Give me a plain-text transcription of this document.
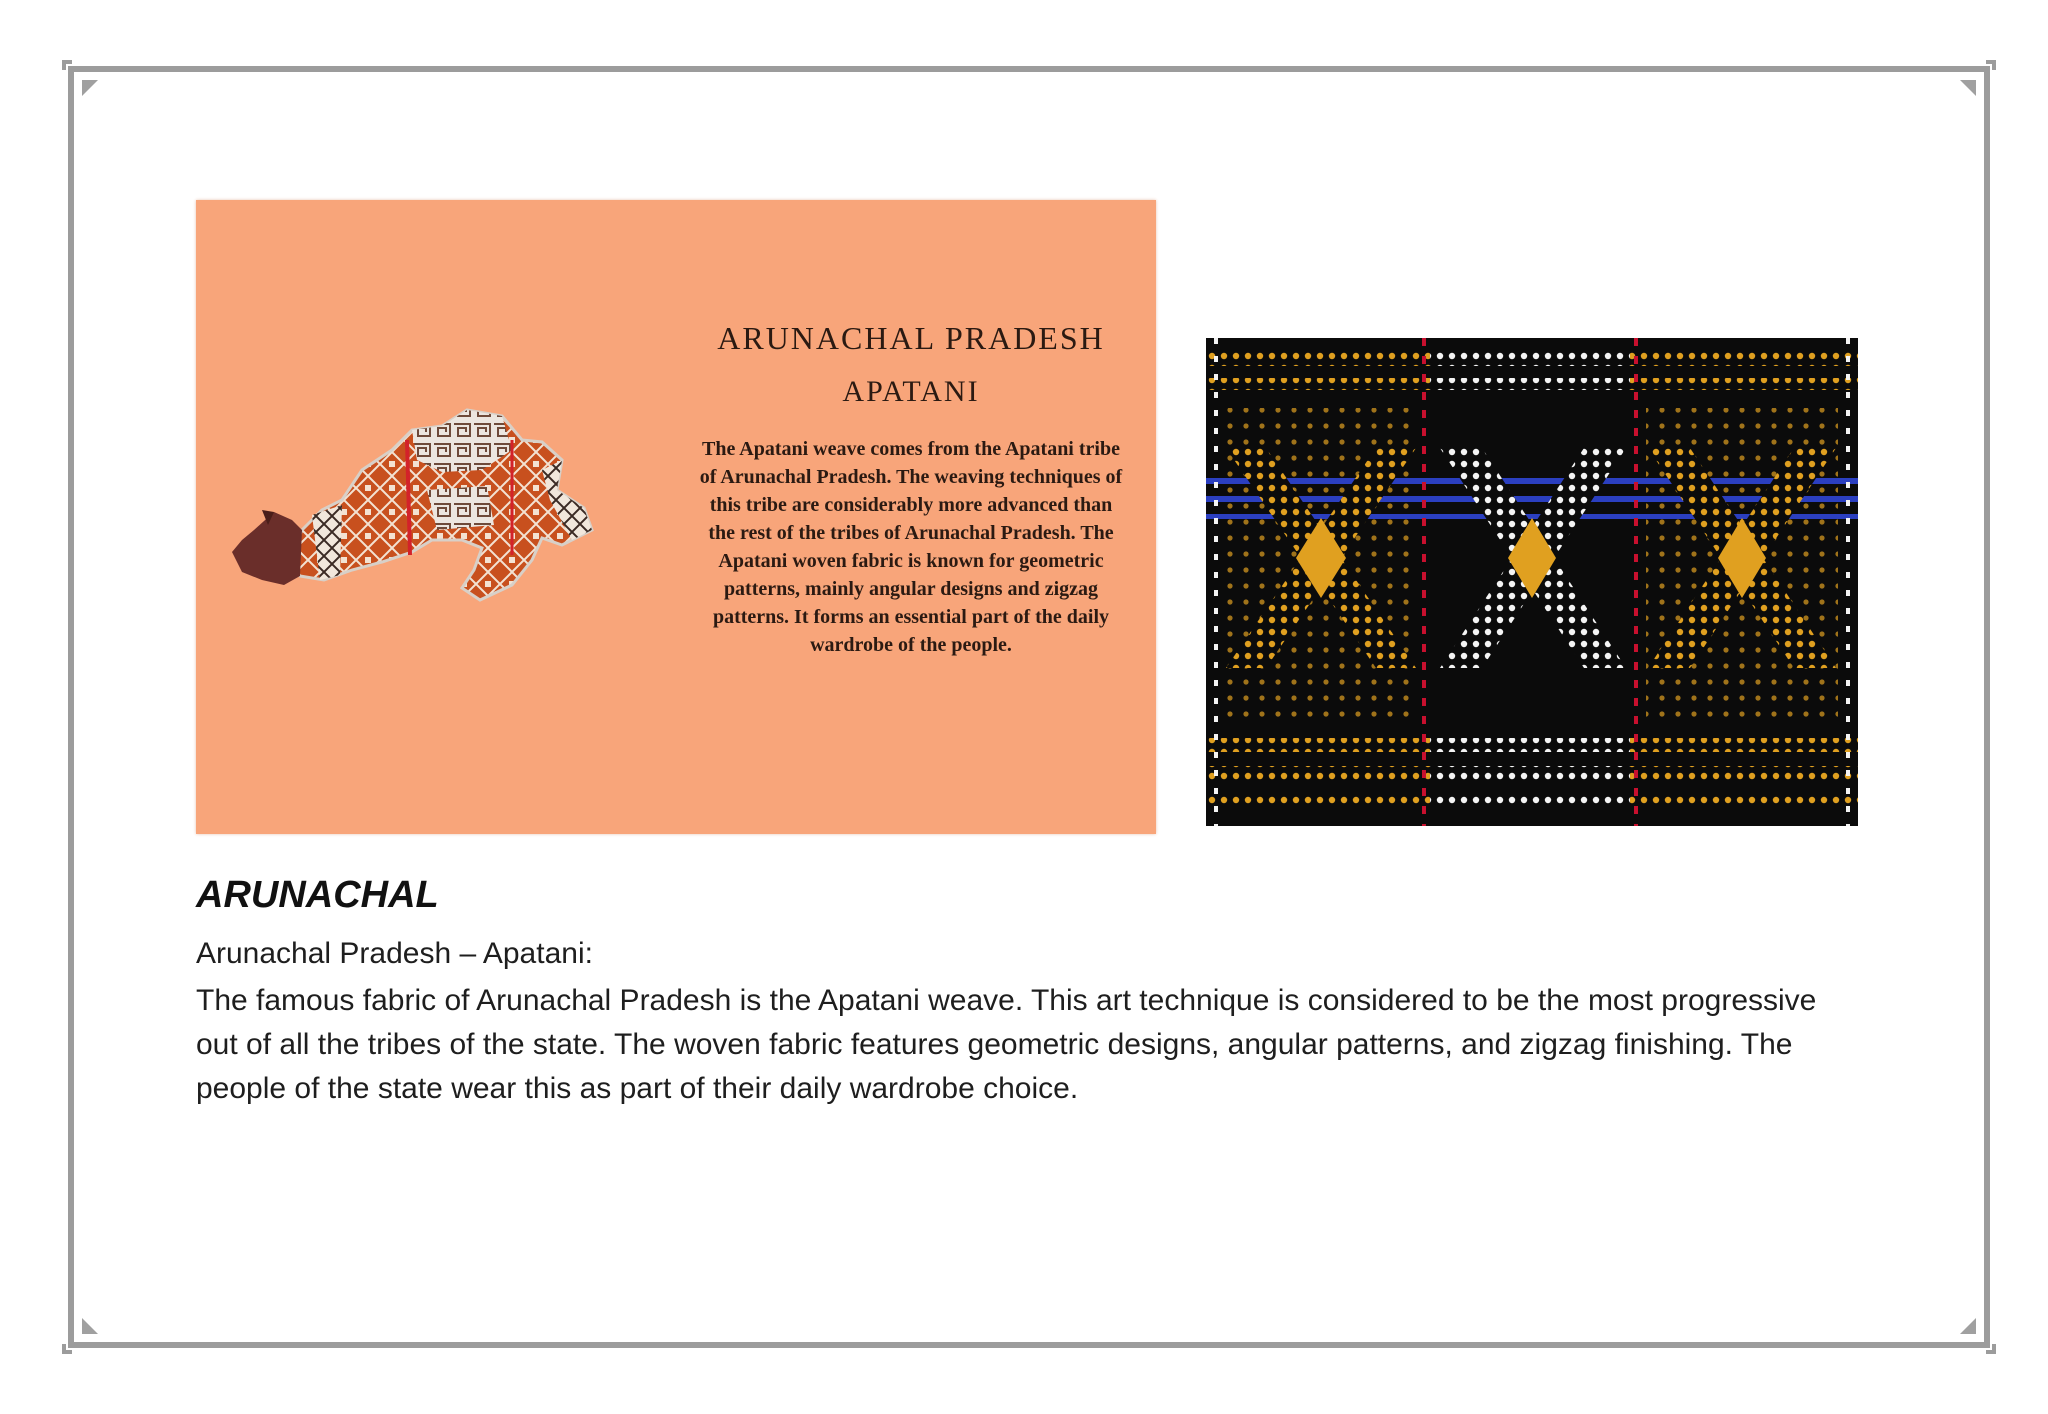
ARUNACHAL PRADESH

APATANI

The Apatani weave comes from the Apatani tribe of Arunachal Pradesh. The weaving techniques of this tribe are considerably more advanced than the rest of the tribes of Arunachal Pradesh. The Apatani woven fabric is known for geometric patterns, mainly angular designs and zigzag patterns. It forms an essential part of the daily wardrobe of the people.

ARUNACHAL

Arunachal Pradesh – Apatani:

The famous fabric of Arunachal Pradesh is the Apatani weave. This art technique is considered to be the most progressive out of all the tribes of the state. The woven fabric features geometric designs, angular patterns, and zigzag finishing. The people of the state wear this as part of their daily wardrobe choice.
